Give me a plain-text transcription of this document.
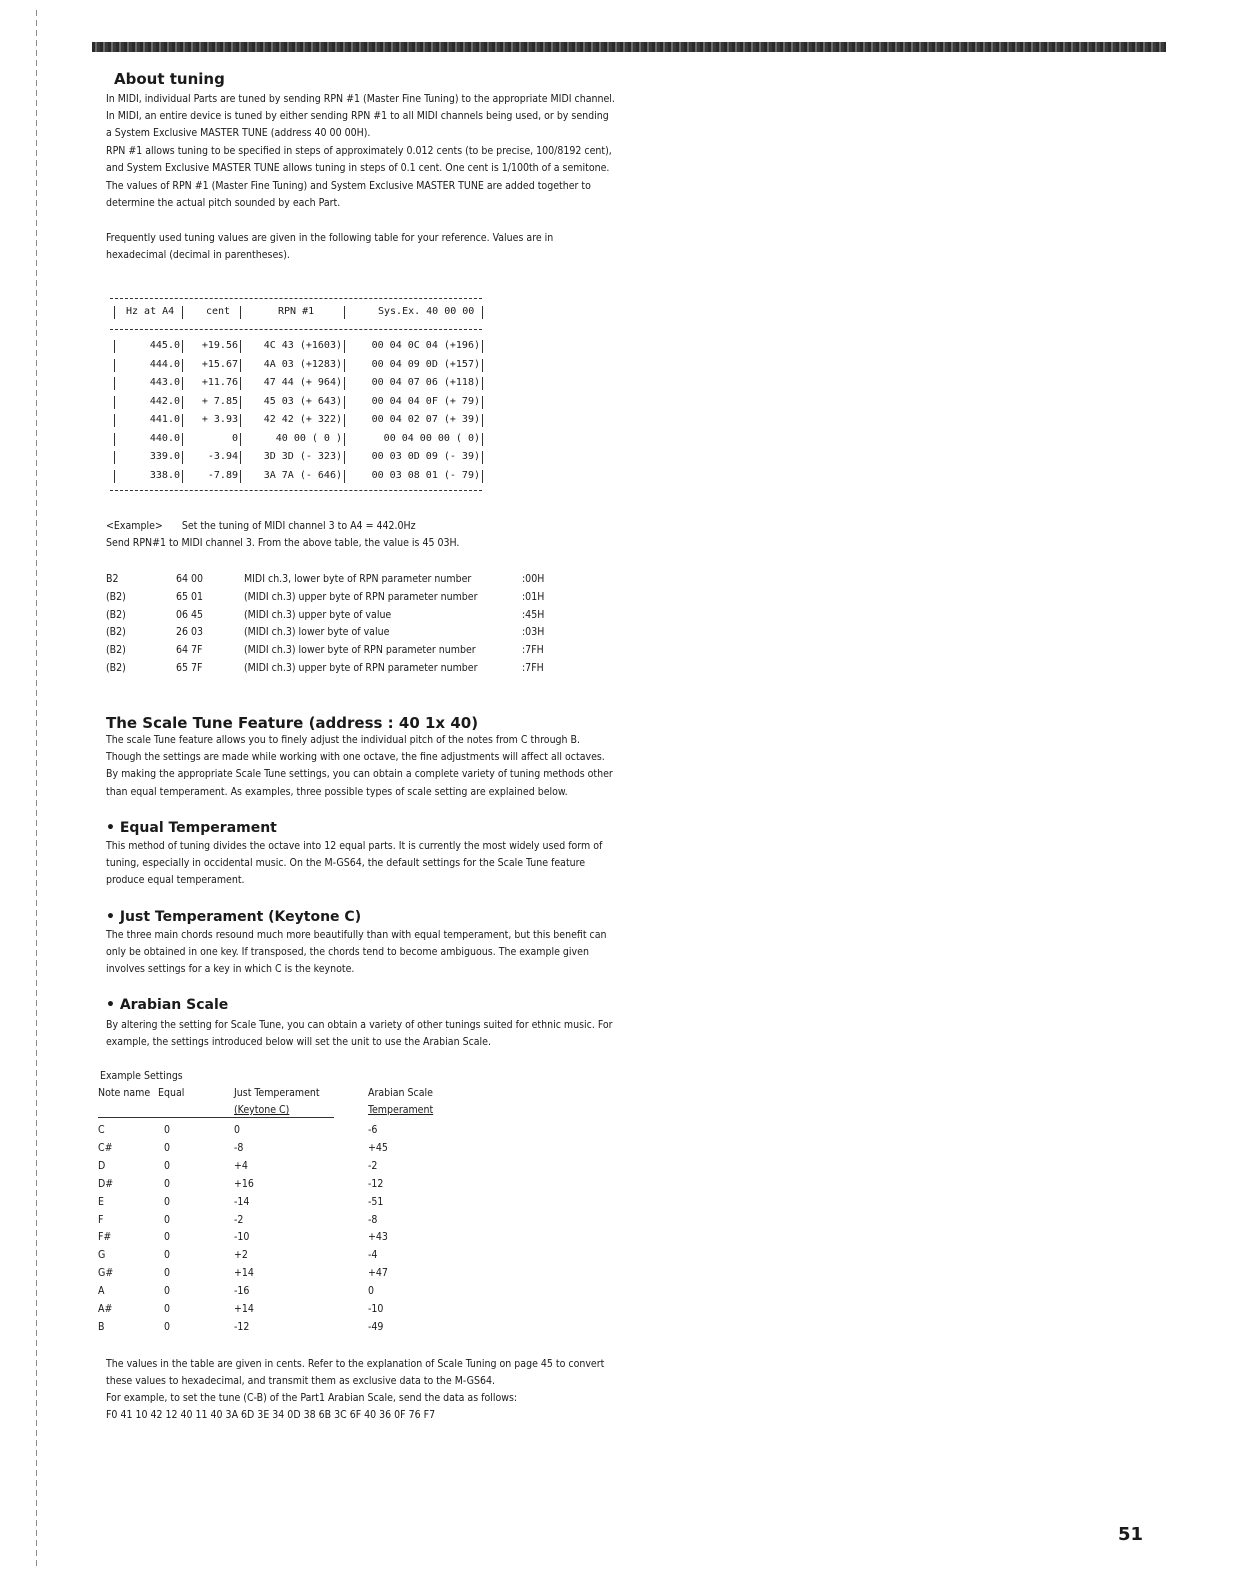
About tuning

In MIDI, individual Parts are tuned by sending RPN #1 (Master Fine Tuning) to the appropriate MIDI channel.

In MIDI, an entire device is tuned by either sending RPN #1 to all MIDI channels being used, or by sending a System Exclusive MASTER TUNE (address 40 00 00H).

RPN #1 allows tuning to be specified in steps of approximately 0.012 cents (to be precise, 100/8192 cent), and System Exclusive MASTER TUNE allows tuning in steps of 0.1 cent. One cent is 1/100th of a semitone.

The values of RPN #1 (Master Fine Tuning) and System Exclusive MASTER TUNE are added together to determine the actual pitch sounded by each Part.

Frequently used tuning values are given in the following table for your reference. Values are in hexadecimal (decimal in parentheses).

Hz at A4	cent	RPN #1	Sys.Ex. 40 00 00
445.0 +19.56	4C 43 (+1603)	00 04 0C 04 (+196)
444.0 +15.67	4A 03 (+1283)	00 04 09 0D (+157)
443.0 +11.76	47 44 (+ 964)	00 04 07 06 (+118)
442.0 + 7.85	45 03 (+ 643)	00 04 04 0F (+ 79)
441.0 + 3.93	42 42 (+ 322)	00 04 02 07 (+ 39)
440.0	0	40 00 ( 0 )	00 04 00 00 ( 0)
339.0	-3.94	3D 3D (- 323)	00 03 0D 09 (- 39)
338.0	-7.89	3A 7A (- 646)	00 03 08 01 (- 79)
<Example> Set the tuning of MIDI channel 3 to A4 = 442.0Hz
Send RPN#1 to MIDI channel 3. From the above table, the value is 45 03H.
B2	64 00	MIDI ch.3, lower byte of RPN parameter number	:00H
(B2)	65 01	(MIDI ch.3) upper byte of RPN parameter number	:01H
(B2)	06 45	(MIDI ch.3) upper byte of value	:45H
(B2)	26 03	(MIDI ch.3) lower byte of value	:03H
(B2)	64 7F	(MIDI ch.3) lower byte of RPN parameter number	:7FH
(B2)	65 7F	(MIDI ch.3) upper byte of RPN parameter number	:7FH
The Scale Tune Feature (address : 40 1x 40)

The scale Tune feature allows you to finely adjust the individual pitch of the notes from C through B. Though the settings are made while working with one octave, the fine adjustments will affect all octaves. By making the appropriate Scale Tune settings, you can obtain a complete variety of tuning methods other than equal temperament. As examples, three possible types of scale setting are explained below.

• Equal Temperament

This method of tuning divides the octave into 12 equal parts. It is currently the most widely used form of tuning, especially in occidental music. On the M-GS64, the default settings for the Scale Tune feature produce equal temperament.

• Just Temperament (Keytone C)

The three main chords resound much more beautifully than with equal temperament, but this benefit can only be obtained in one key. If transposed, the chords tend to become ambiguous. The example given involves settings for a key in which C is the keynote.

• Arabian Scale

By altering the setting for Scale Tune, you can obtain a variety of other tunings suited for ethnic music. For example, the settings introduced below will set the unit to use the Arabian Scale.

Example Settings
Note name Equal	Just Temperament	Arabian Scale
(Keytone C)	Temperament
C	0	0	-6
C#	0	-8	+45
D	0	+4	-2
D#	0	+16	-12
E	0	-14	-51
F	0	-2	-8
F#	0	-10	+43
G	0	+2	-4
G#	0	+14	+47
A	0	-16	0
A#	0	+14	-10
B	0	-12	-49

The values in the table are given in cents. Refer to the explanation of Scale Tuning on page 45 to convert these values to hexadecimal, and transmit them as exclusive data to the M-GS64.

For example, to set the tune (C-B) of the Part1 Arabian Scale, send the data as follows:
F0 41 10 42 12 40 11 40 3A 6D 3E 34 0D 38 6B 3C 6F 40 36 0F 76 F7
51
